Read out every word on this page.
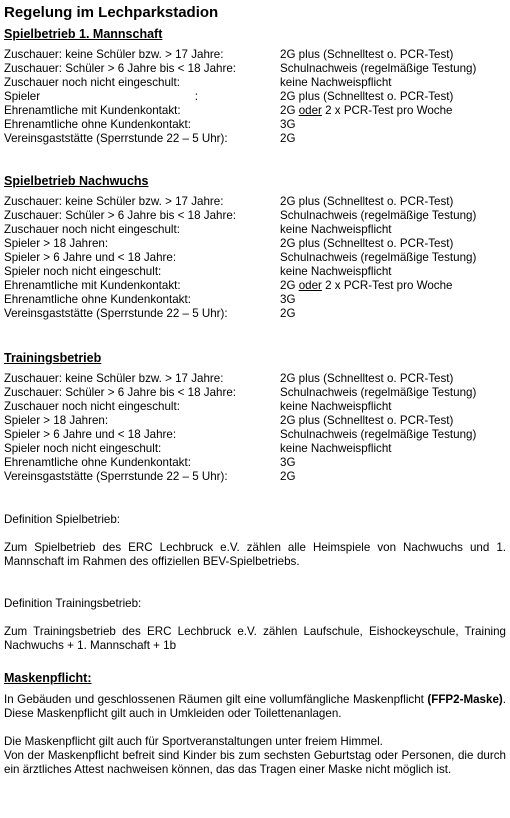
Regelung im Lechparkstadion
Spielbetrieb 1. Mannschaft
Zuschauer: keine Schüler bzw. > 17 Jahre:	2G plus (Schnelltest o. PCR-Test)
Zuschauer: Schüler > 6 Jahre bis < 18 Jahre:	Schulnachweis (regelmäßige Testung)
Zuschauer noch nicht eingeschult:	keine Nachweispflicht
Spieler                                                :	2G plus (Schnelltest o. PCR-Test)
Ehrenamtliche mit Kundenkontakt:	2G oder 2 x PCR-Test pro Woche
Ehrenamtliche ohne Kundenkontakt:	3G
Vereinsgaststätte (Sperrstunde 22 – 5 Uhr):	2G
Spielbetrieb Nachwuchs
Zuschauer: keine Schüler bzw. > 17 Jahre:	2G plus (Schnelltest o. PCR-Test)
Zuschauer: Schüler > 6 Jahre bis < 18 Jahre:	Schulnachweis (regelmäßige Testung)
Zuschauer noch nicht eingeschult:	keine Nachweispflicht
Spieler > 18 Jahren:	2G plus (Schnelltest o. PCR-Test)
Spieler > 6 Jahre und < 18 Jahre:	Schulnachweis (regelmäßige Testung)
Spieler noch nicht eingeschult:	keine Nachweispflicht
Ehrenamtliche mit Kundenkontakt:	2G oder 2 x PCR-Test pro Woche
Ehrenamtliche ohne Kundenkontakt:	3G
Vereinsgaststätte (Sperrstunde 22 – 5 Uhr):	2G
Trainingsbetrieb
Zuschauer: keine Schüler bzw. > 17 Jahre:	2G plus (Schnelltest o. PCR-Test)
Zuschauer: Schüler > 6 Jahre bis < 18 Jahre:	Schulnachweis (regelmäßige Testung)
Zuschauer noch nicht eingeschult:	keine Nachweispflicht
Spieler > 18 Jahren:	2G plus (Schnelltest o. PCR-Test)
Spieler > 6 Jahre und < 18 Jahre:	Schulnachweis (regelmäßige Testung)
Spieler noch nicht eingeschult:	keine Nachweispflicht
Ehrenamtliche ohne Kundenkontakt:	3G
Vereinsgaststätte (Sperrstunde 22 – 5 Uhr):	2G
Definition Spielbetrieb:
Zum Spielbetrieb des ERC Lechbruck e.V. zählen alle Heimspiele von Nachwuchs und 1. Mannschaft im Rahmen des offiziellen BEV-Spielbetriebs.
Definition Trainingsbetrieb:
Zum Trainingsbetrieb des ERC Lechbruck e.V. zählen Laufschule, Eishockeyschule, Training Nachwuchs + 1. Mannschaft + 1b
Maskenpflicht:
In Gebäuden und geschlossenen Räumen gilt eine vollumfängliche Maskenpflicht (FFP2-Maske). Diese Maskenpflicht gilt auch in Umkleiden oder Toilettenanlagen.
Die Maskenpflicht gilt auch für Sportveranstaltungen unter freiem Himmel.
Von der Maskenpflicht befreit sind Kinder bis zum sechsten Geburtstag oder Personen, die durch ein ärztliches Attest nachweisen können, das das Tragen einer Maske nicht möglich ist.
